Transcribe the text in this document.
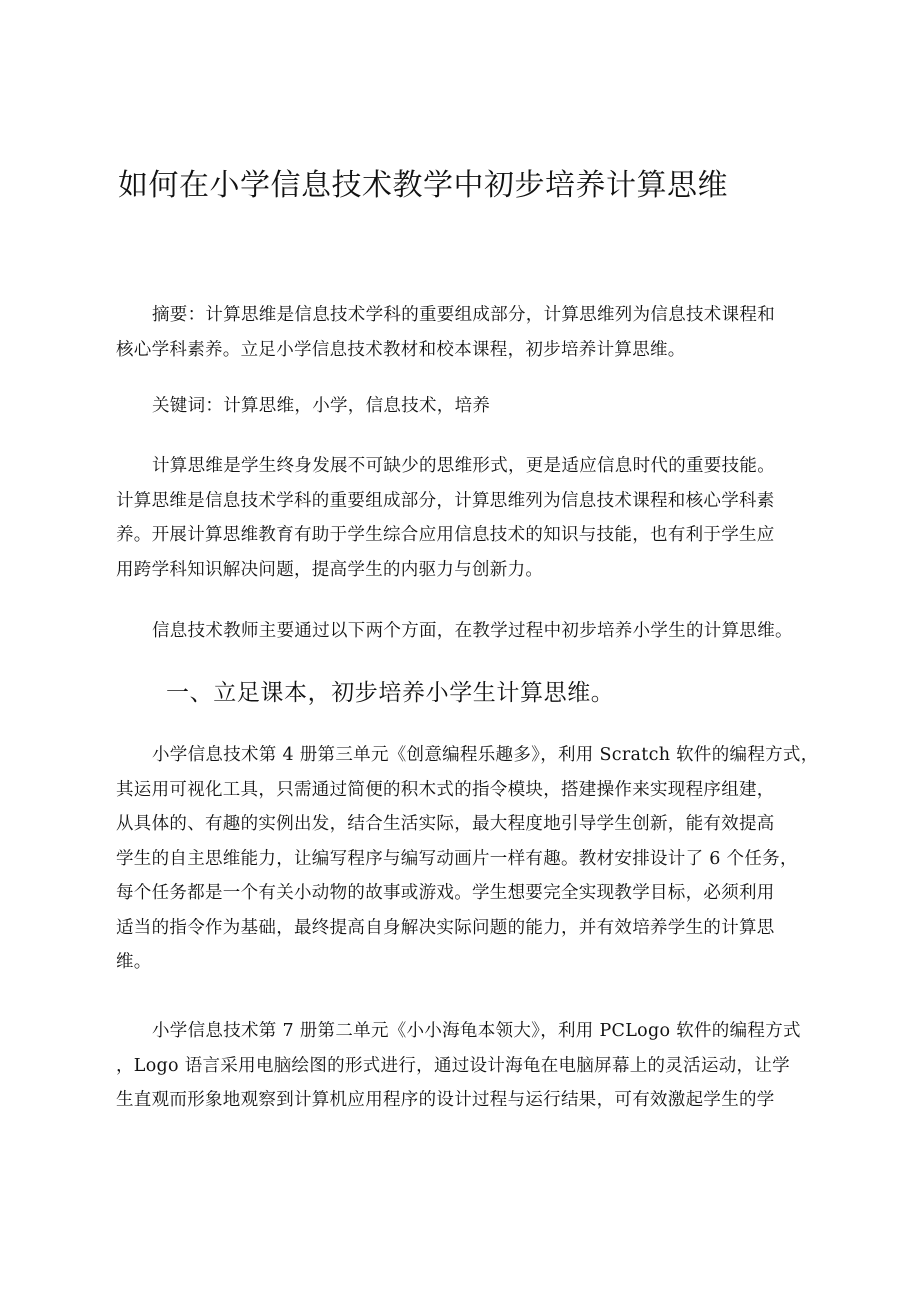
如何在小学信息技术教学中初步培养计算思维
摘要：计算思维是信息技术学科的重要组成部分，计算思维列为信息技术课程和
核心学科素养。立足小学信息技术教材和校本课程，初步培养计算思维。
关键词：计算思维，小学，信息技术，培养
计算思维是学生终身发展不可缺少的思维形式，更是适应信息时代的重要技能。
计算思维是信息技术学科的重要组成部分，计算思维列为信息技术课程和核心学科素
养。开展计算思维教育有助于学生综合应用信息技术的知识与技能，也有利于学生应
用跨学科知识解决问题，提高学生的内驱力与创新力。
信息技术教师主要通过以下两个方面，在教学过程中初步培养小学生的计算思维。
一、立足课本，初步培养小学生计算思维。
小学信息技术第 4 册第三单元《创意编程乐趣多》，利用 Scratch 软件的编程方式，
其运用可视化工具，只需通过简便的积木式的指令模块，搭建操作来实现程序组建，
从具体的、有趣的实例出发，结合生活实际，最大程度地引导学生创新，能有效提高
学生的自主思维能力，让编写程序与编写动画片一样有趣。教材安排设计了 6 个任务，
每个任务都是一个有关小动物的故事或游戏。学生想要完全实现教学目标，必须利用
适当的指令作为基础，最终提高自身解决实际问题的能力，并有效培养学生的计算思
维。
小学信息技术第 7 册第二单元《小小海龟本领大》，利用 PCLogo 软件的编程方式
，Logo 语言采用电脑绘图的形式进行，通过设计海龟在电脑屏幕上的灵活运动，让学
生直观而形象地观察到计算机应用程序的设计过程与运行结果，可有效激起学生的学
